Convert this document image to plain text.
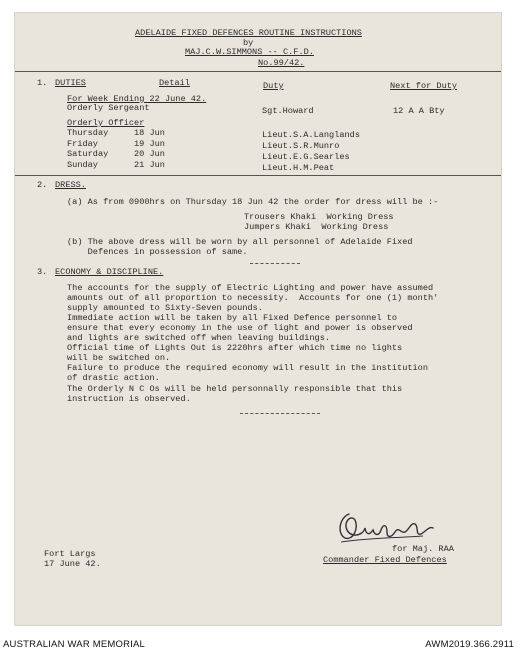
ADELAIDE FIXED DEFENCES ROUTINE INSTRUCTIONS
by
MAJ.C.W.SIMMONS -- C.F.D.
No.99/42.
1. DUTIES	Detail	Duty	Next for Duty
For Week Ending 22 June 42.
Orderly Sergeant	Sgt.Howard	12 A A Bty
Orderly Officer
Thursday	18 Jun	Lieut.S.A.Langlands
Friday	19 Jun	Lieut.S.R.Munro
Saturday	20 Jun	Lieut.E.G.Searles
Sunday	21 Jun	Lieut.H.M.Peat
2. DRESS.
(a) As from 0900hrs on Thursday 18 Jun 42 the order for dress will be :-
Trousers Khaki  Working Dress
Jumpers Khaki  Working Dress
(b) The above dress will be worn by all personnel of Adelaide Fixed
Defences in possession of same.
3. ECONOMY & DISCIPLINE.
The accounts for the supply of Electric Lighting and power have assumed
amounts out of all proportion to necessity.  Accounts for one (1) month'
supply amounted to Sixty-Seven pounds.
Immediate action will be taken by all Fixed Defence personnel to
ensure that every economy in the use of light and power is observed
and lights are switched off when leaving buildings.
Official time of Lights Out is 2220hrs after which time no lights
will be switched on.
Failure to produce the required economy will result in the institution
of drastic action.
The Orderly N C Os will be held personnally responsible that this
instruction is observed.
for Maj. RAA
Commander Fixed Defences
Fort Largs
17 June 42.
AUSTRALIAN WAR MEMORIAL	AWM2019.366.2911
